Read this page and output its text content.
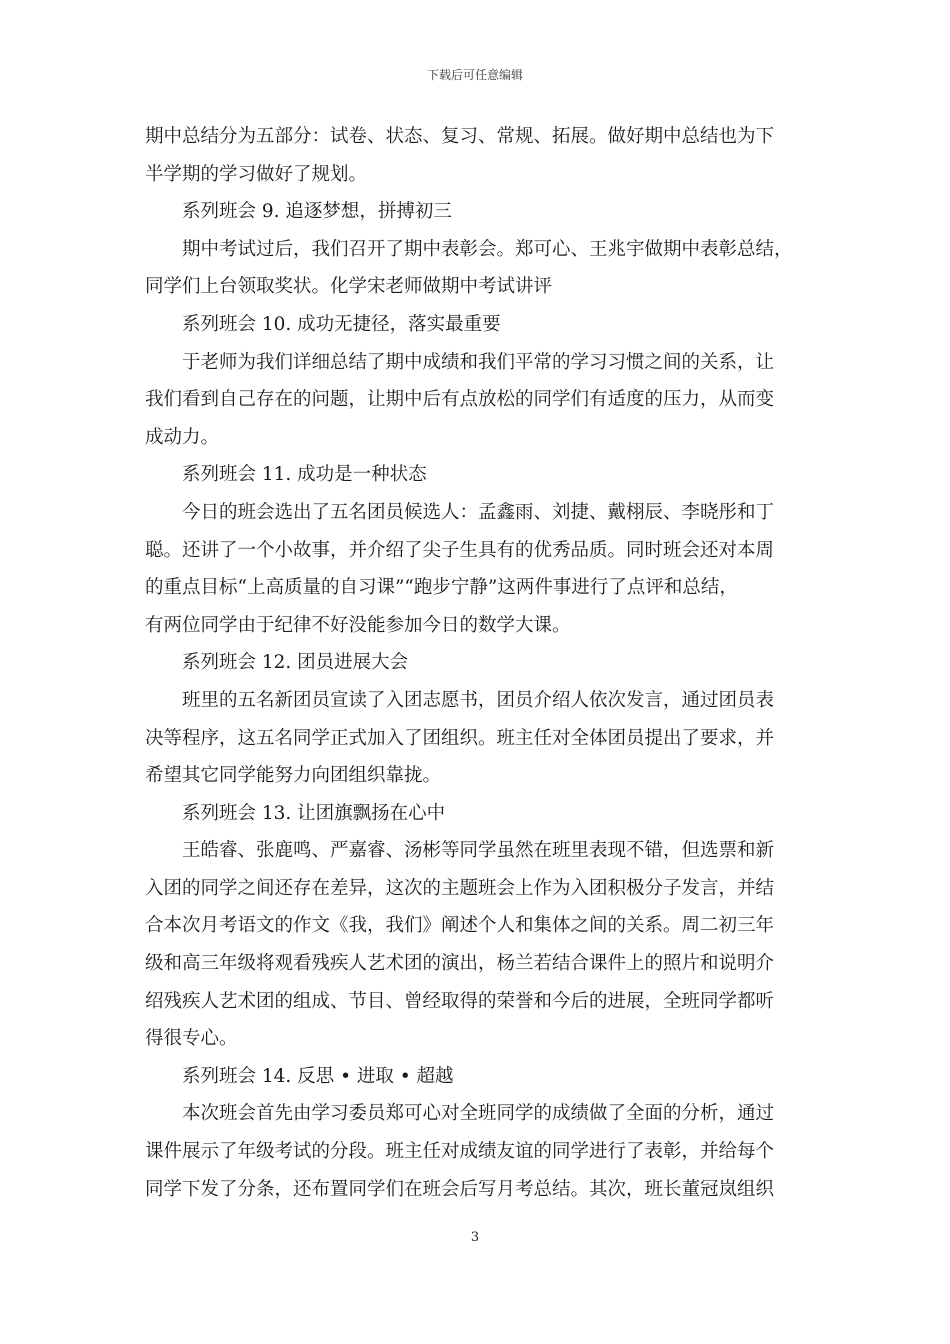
下载后可任意编辑
期中总结分为五部分：试卷、状态、复习、常规、拓展。做好期中总结也为下
半学期的学习做好了规划。
系列班会 9. 追逐梦想，拼搏初三
期中考试过后，我们召开了期中表彰会。郑可心、王兆宇做期中表彰总结，
同学们上台领取奖状。化学宋老师做期中考试讲评
系列班会 10. 成功无捷径，落实最重要
于老师为我们详细总结了期中成绩和我们平常的学习习惯之间的关系，让
我们看到自己存在的问题，让期中后有点放松的同学们有适度的压力，从而变
成动力。
系列班会 11. 成功是一种状态
今日的班会选出了五名团员候选人：孟鑫雨、刘捷、戴栩辰、李晓彤和丁
聪。还讲了一个小故事，并介绍了尖子生具有的优秀品质。同时班会还对本周
的重点目标“上高质量的自习课”“跑步宁静”这两件事进行了点评和总结，
有两位同学由于纪律不好没能参加今日的数学大课。
系列班会 12. 团员进展大会
班里的五名新团员宣读了入团志愿书，团员介绍人依次发言，通过团员表
决等程序，这五名同学正式加入了团组织。班主任对全体团员提出了要求，并
希望其它同学能努力向团组织靠拢。
系列班会 13. 让团旗飘扬在心中
王皓睿、张鹿鸣、严嘉睿、汤彬等同学虽然在班里表现不错，但选票和新
入团的同学之间还存在差异，这次的主题班会上作为入团积极分子发言，并结
合本次月考语文的作文《我，我们》阐述个人和集体之间的关系。周二初三年
级和高三年级将观看残疾人艺术团的演出，杨兰若结合课件上的照片和说明介
绍残疾人艺术团的组成、节目、曾经取得的荣誉和今后的进展，全班同学都听
得很专心。
系列班会 14. 反思 • 进取 • 超越
本次班会首先由学习委员郑可心对全班同学的成绩做了全面的分析，通过
课件展示了年级考试的分段。班主任对成绩友谊的同学进行了表彰，并给每个
同学下发了分条，还布置同学们在班会后写月考总结。其次，班长董冠岚组织
3
